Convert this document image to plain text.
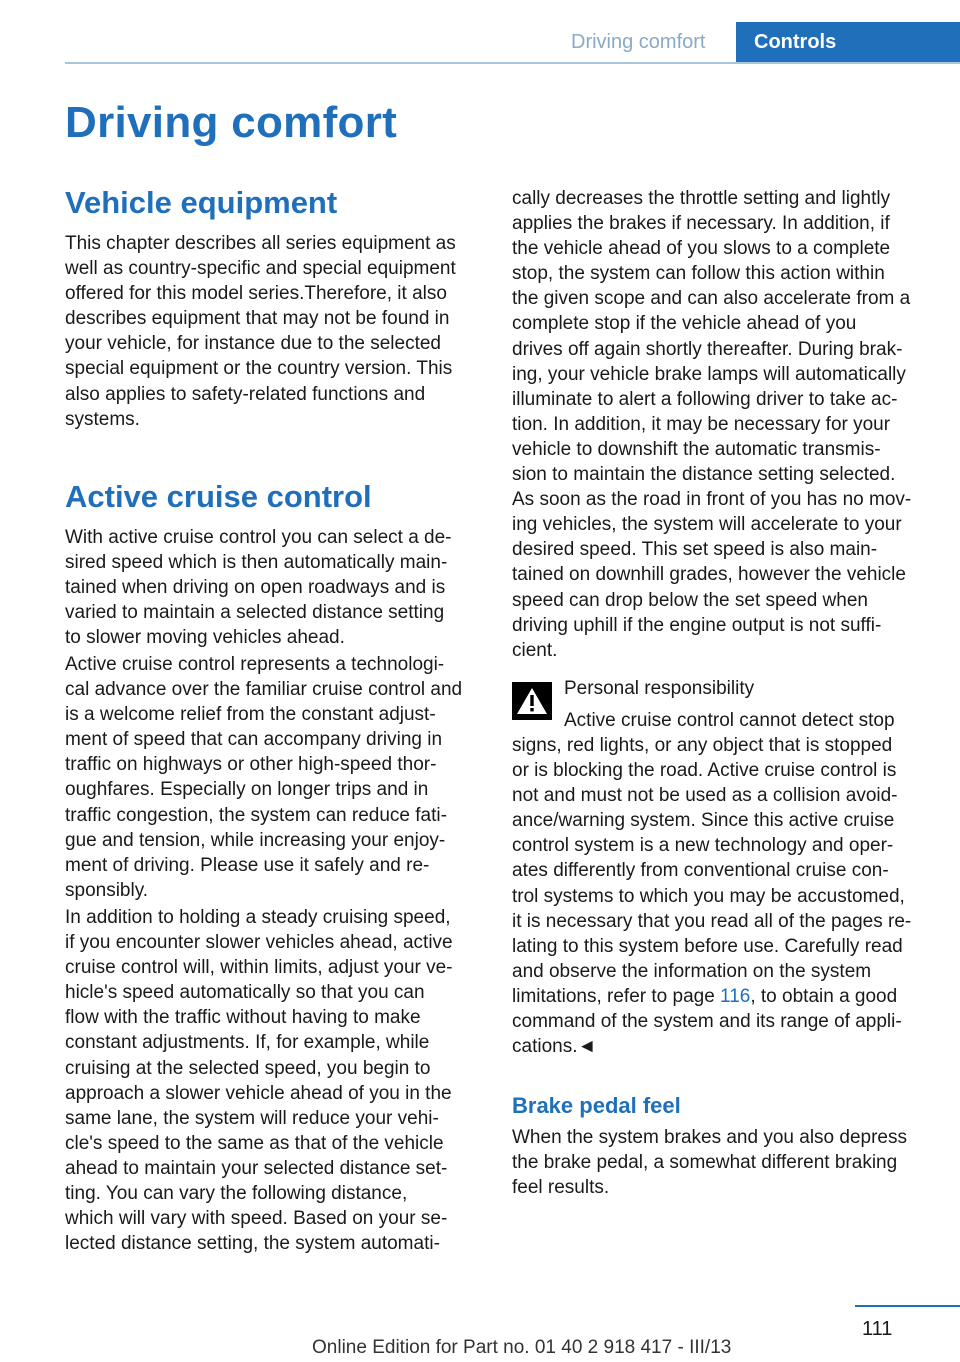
Driving comfort Controls
Driving comfort
Vehicle equipment
This chapter describes all series equipment as
well as country-specific and special equipment
offered for this model series.Therefore, it also
describes equipment that may not be found in
your vehicle, for instance due to the selected
special equipment or the country version. This
also applies to safety-related functions and
systems.
Active cruise control
With active cruise control you can select a de-
sired speed which is then automatically main-
tained when driving on open roadways and is
varied to maintain a selected distance setting
to slower moving vehicles ahead.
Active cruise control represents a technologi-
cal advance over the familiar cruise control and
is a welcome relief from the constant adjust-
ment of speed that can accompany driving in
traffic on highways or other high-speed thor-
oughfares. Especially on longer trips and in
traffic congestion, the system can reduce fati-
gue and tension, while increasing your enjoy-
ment of driving. Please use it safely and re-
sponsibly.
In addition to holding a steady cruising speed,
if you encounter slower vehicles ahead, active
cruise control will, within limits, adjust your ve-
hicle's speed automatically so that you can
flow with the traffic without having to make
constant adjustments. If, for example, while
cruising at the selected speed, you begin to
approach a slower vehicle ahead of you in the
same lane, the system will reduce your vehi-
cle's speed to the same as that of the vehicle
ahead to maintain your selected distance set-
ting. You can vary the following distance,
which will vary with speed. Based on your se-
lected distance setting, the system automati-
cally decreases the throttle setting and lightly
applies the brakes if necessary. In addition, if
the vehicle ahead of you slows to a complete
stop, the system can follow this action within
the given scope and can also accelerate from a
complete stop if the vehicle ahead of you
drives off again shortly thereafter. During brak-
ing, your vehicle brake lamps will automatically
illuminate to alert a following driver to take ac-
tion. In addition, it may be necessary for your
vehicle to downshift the automatic transmis-
sion to maintain the distance setting selected.
As soon as the road in front of you has no mov-
ing vehicles, the system will accelerate to your
desired speed. This set speed is also main-
tained on downhill grades, however the vehicle
speed can drop below the set speed when
driving uphill if the engine output is not suffi-
cient.
Personal responsibility
Active cruise control cannot detect stop
signs, red lights, or any object that is stopped
or is blocking the road. Active cruise control is
not and must not be used as a collision avoid-
ance/warning system. Since this active cruise
control system is a new technology and oper-
ates differently from conventional cruise con-
trol systems to which you may be accustomed,
it is necessary that you read all of the pages re-
lating to this system before use. Carefully read
and observe the information on the system
limitations, refer to page 116, to obtain a good
command of the system and its range of appli-
cations.◄
Brake pedal feel
When the system brakes and you also depress
the brake pedal, a somewhat different braking
feel results.
111
Online Edition for Part no. 01 40 2 918 417 - III/13
